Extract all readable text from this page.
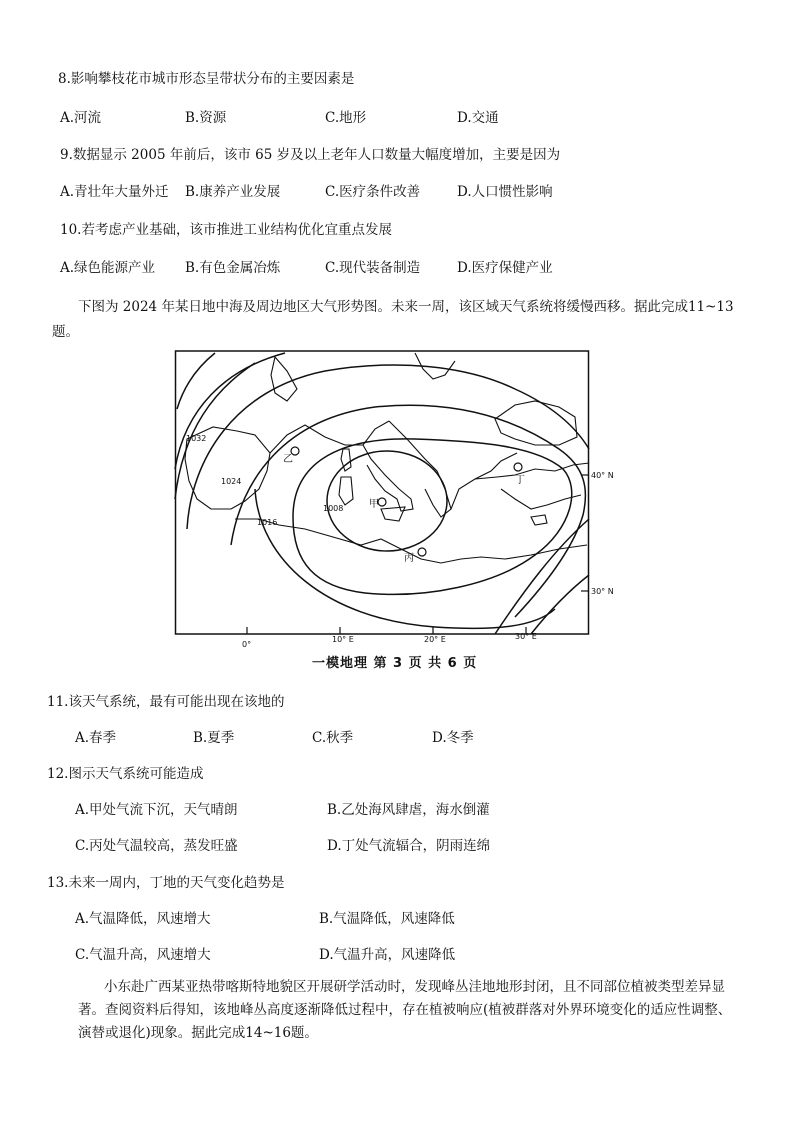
8.影响攀枝花市城市形态呈带状分布的主要因素是
A.河流	B.资源	C.地形	D.交通
9.数据显示 2005 年前后，该市 65 岁及以上老年人口数量大幅度增加，主要是因为
A.青壮年大量外迁 B.康养产业发展	C.医疗条件改善	D.人口惯性影响
10.若考虑产业基础，该市推进工业结构优化宜重点发展
A.绿色能源产业 B.有色金属冶炼	C.现代装备制造	D.医疗保健产业
下图为 2024 年某日地中海及周边地区大气形势图。未来一周，该区域天气系统将缓慢西移。据此完成11~13题。
1032
1024
1016
1008
乙
甲
丙
丁	40° N
30° N
0°
10° E	20° E	30° E
一模地理 第 3 页 共 6 页
11.该天气系统，最有可能出现在该地的
A.春季	B.夏季	C.秋季	D.冬季
12.图示天气系统可能造成
A.甲处气流下沉，天气晴朗	B.乙处海风肆虐，海水倒灌
C.丙处气温较高，蒸发旺盛	D.丁处气流辐合，阴雨连绵
13.未来一周内，丁地的天气变化趋势是
A.气温降低，风速增大	B.气温降低，风速降低
C.气温升高，风速增大	D.气温升高，风速降低
小东赴广西某亚热带喀斯特地貌区开展研学活动时，发现峰丛洼地地形封闭，且不同部位植被类型差异显著。查阅资料后得知，该地峰丛高度逐渐降低过程中，存在植被响应(植被群落对外界环境变化的适应性调整、演替或退化)现象。据此完成14~16题。
